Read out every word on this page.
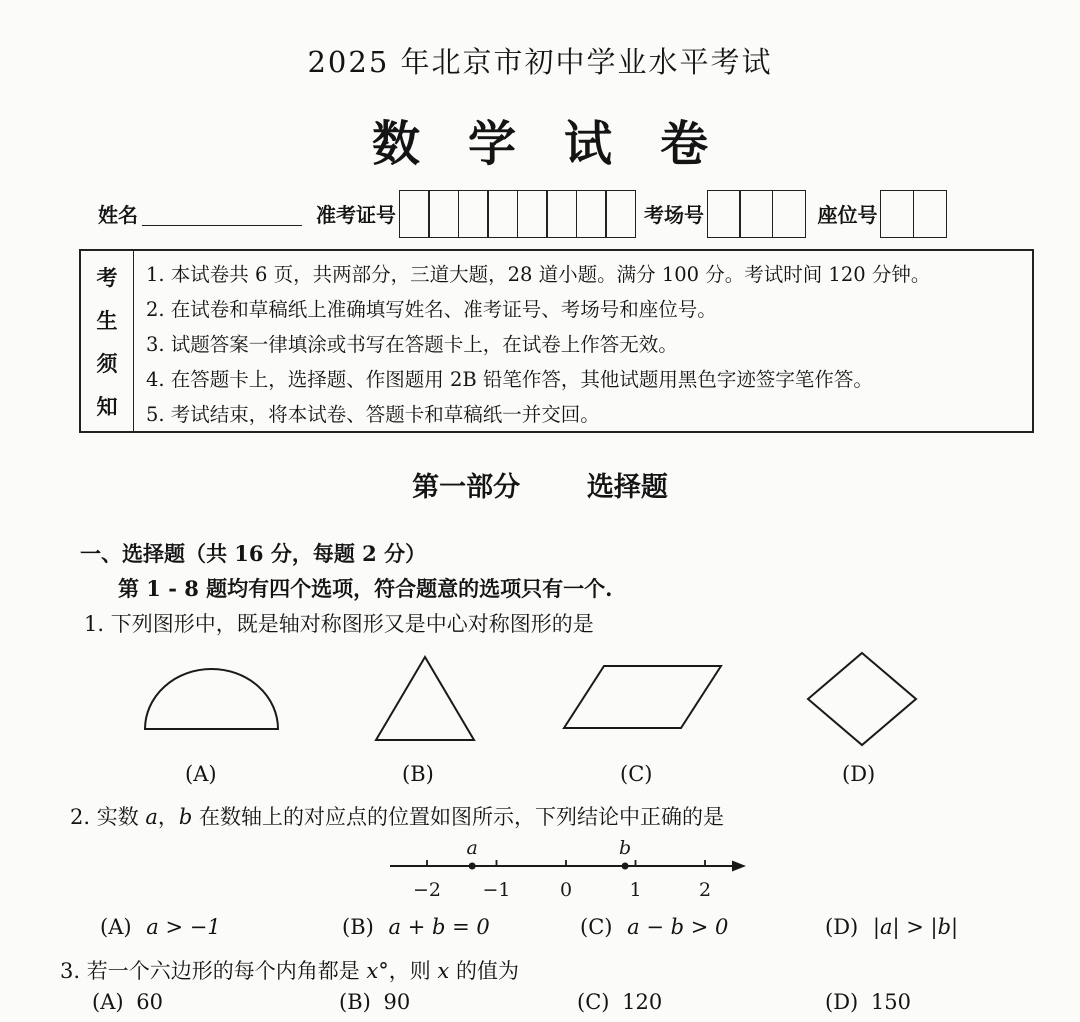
2025 年北京市初中学业水平考试
数学试卷
姓名	准考证号	考场号	座位号
考
生
须
知
1. 本试卷共 6 页，共两部分，三道大题，28 道小题。满分 100 分。考试时间 120 分钟。
2. 在试卷和草稿纸上准确填写姓名、准考证号、考场号和座位号。
3. 试题答案一律填涂或书写在答题卡上，在试卷上作答无效。
4. 在答题卡上，选择题、作图题用 2B 铅笔作答，其他试题用黑色字迹签字笔作答。
5. 考试结束，将本试卷、答题卡和草稿纸一并交回。
第一部分 选择题
一、选择题（共 16 分，每题 2 分）
第 1 - 8 题均有四个选项，符合题意的选项只有一个.
1. 下列图形中，既是轴对称图形又是中心对称图形的是
(A)	(B)	(C)	(D)
2. 实数 a，b 在数轴上的对应点的位置如图所示，下列结论中正确的是
−2 −1	0	1	2
a	b
(A) a > −1	(B) a + b = 0	(C) a − b > 0	(D) |a| > |b|
3. 若一个六边形的每个内角都是 x°，则 x 的值为
(A) 60	(B) 90	(C) 120	(D) 150
